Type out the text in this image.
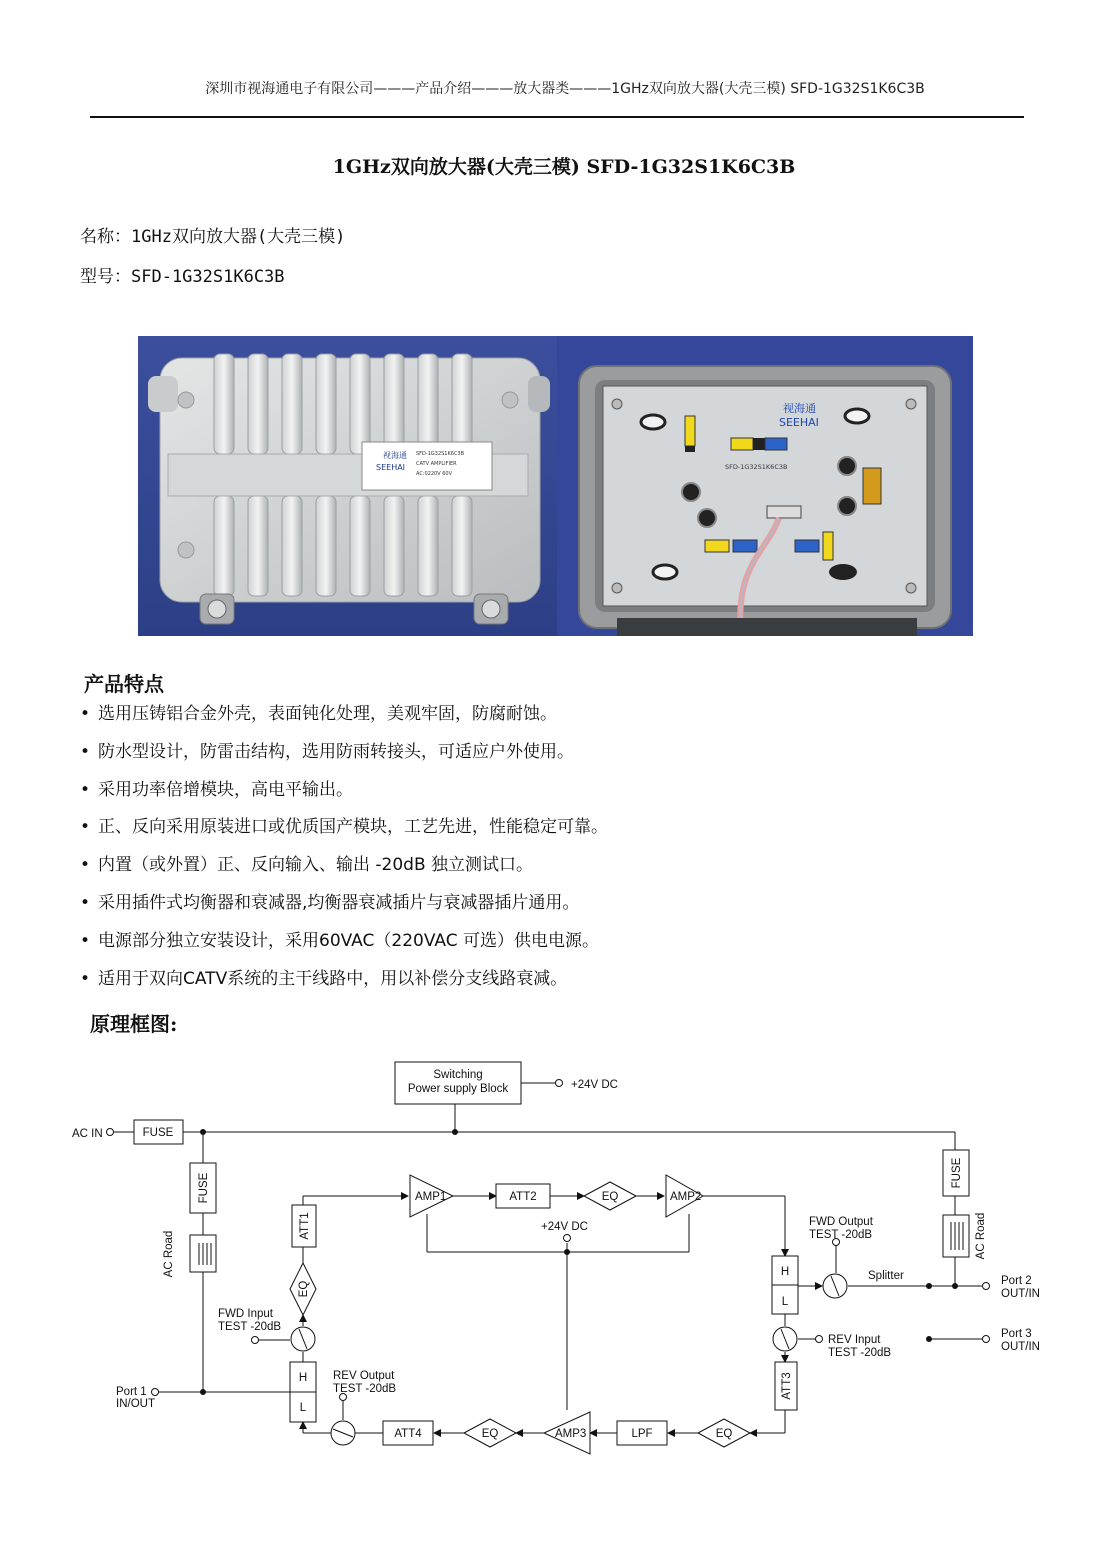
深圳市视海通电子有限公司———产品介绍———放大器类———1GHz双向放大器(大壳三模) SFD-1G32S1K6C3B
1GHz双向放大器(大壳三模) SFD-1G32S1K6C3B
名称：1GHz双向放大器(大壳三模)
型号：SFD-1G32S1K6C3B
视海通
SEEHAI
SFD-1G32S1K6C3B
CATV AMPLIFIER
AC:0220V 60V
视海通
SEEHAI
SFD-1G32S1K6C3B
产品特点
• 选用压铸铝合金外壳，表面钝化处理，美观牢固，防腐耐蚀。
• 防水型设计，防雷击结构，选用防雨转接头，可适应户外使用。
• 采用功率倍增模块，高电平输出。
• 正、反向采用原装进口或优质国产模块，工艺先进，性能稳定可靠。
• 内置（或外置）正、反向输入、输出 -20dB 独立测试口。
• 采用插件式均衡器和衰减器,均衡器衰减插片与衰减器插片通用。
• 电源部分独立安装设计，采用60VAC（220VAC 可选）供电电源。
• 适用于双向CATV系统的主干线路中，用以补偿分支线路衰减。
原理框图:
Switching
Power supply Block	+24V DC
AC IN	FUSE
FUSE	FUSE
AC Road	AC Road
ATT1
ATT2
ATT3
ATT4
EQ
EQ
EQ	EQ
AMP1	AMP2
AMP3	LPF
+24V DC	FWD Output
TEST -20dB
FWD Input
TEST -20dB
REV Input
TEST -20dB
REV Output
TEST -20dB
Splitter
Port 1
IN/OUT
Port 2
OUT/IN
Port 3
OUT/IN
H
L
H
L
